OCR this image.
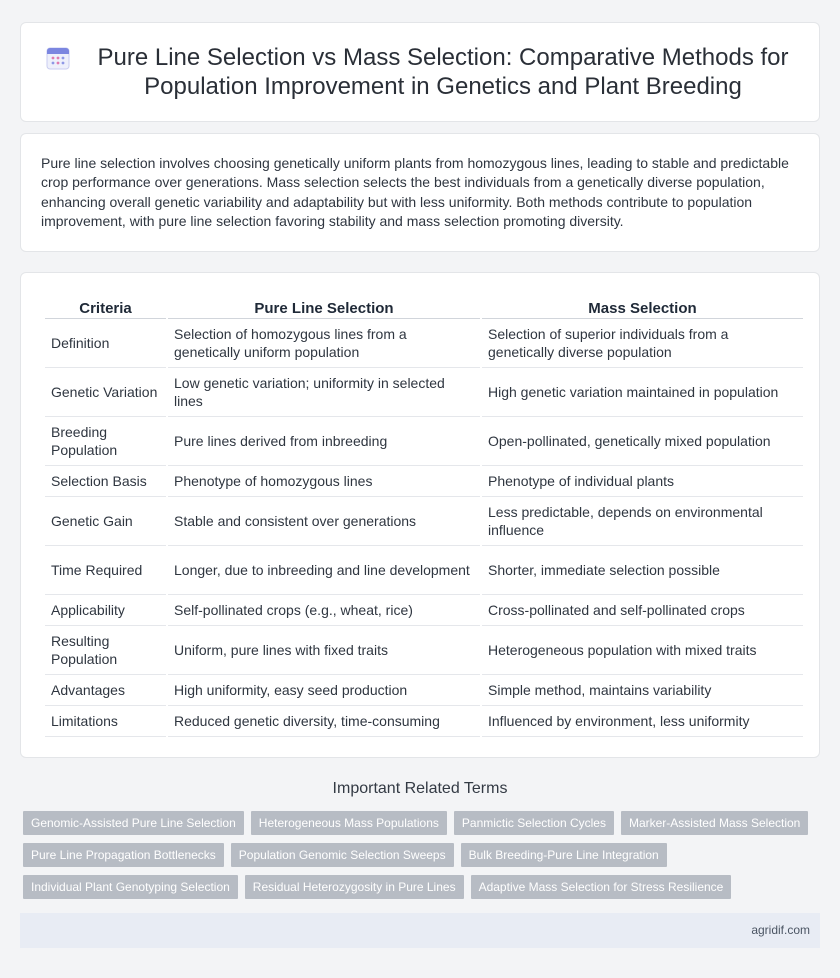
Pure Line Selection vs Mass Selection: Comparative Methods for Population Improvement in Genetics and Plant Breeding

Pure line selection involves choosing genetically uniform plants from homozygous lines, leading to stable and predictable crop performance over generations. Mass selection selects the best individuals from a genetically diverse population, enhancing overall genetic variability and adaptability but with less uniformity. Both methods contribute to population improvement, with pure line selection favoring stability and mass selection promoting diversity.

Criteria	Pure Line Selection	Mass Selection
Definition	Selection of homozygous lines from a genetically uniform population	Selection of superior individuals from a genetically diverse population
Genetic Variation	Low genetic variation; uniformity in selected lines	High genetic variation maintained in population
Breeding Population	Pure lines derived from inbreeding	Open-pollinated, genetically mixed population
Selection Basis	Phenotype of homozygous lines	Phenotype of individual plants
Genetic Gain	Stable and consistent over generations	Less predictable, depends on environmental influence
Time Required	Longer, due to inbreeding and line development	Shorter, immediate selection possible
Applicability	Self-pollinated crops (e.g., wheat, rice)	Cross-pollinated and self-pollinated crops
Resulting Population	Uniform, pure lines with fixed traits	Heterogeneous population with mixed traits
Advantages	High uniformity, easy seed production	Simple method, maintains variability
Limitations	Reduced genetic diversity, time-consuming	Influenced by environment, less uniformity
Important Related Terms
Genomic-Assisted Pure Line Selection	Heterogeneous Mass Populations	Panmictic Selection Cycles	Marker-Assisted Mass Selection
Pure Line Propagation Bottlenecks	Population Genomic Selection Sweeps	Bulk Breeding-Pure Line Integration
Individual Plant Genotyping Selection	Residual Heterozygosity in Pure Lines	Adaptive Mass Selection for Stress Resilience
agridif.com
